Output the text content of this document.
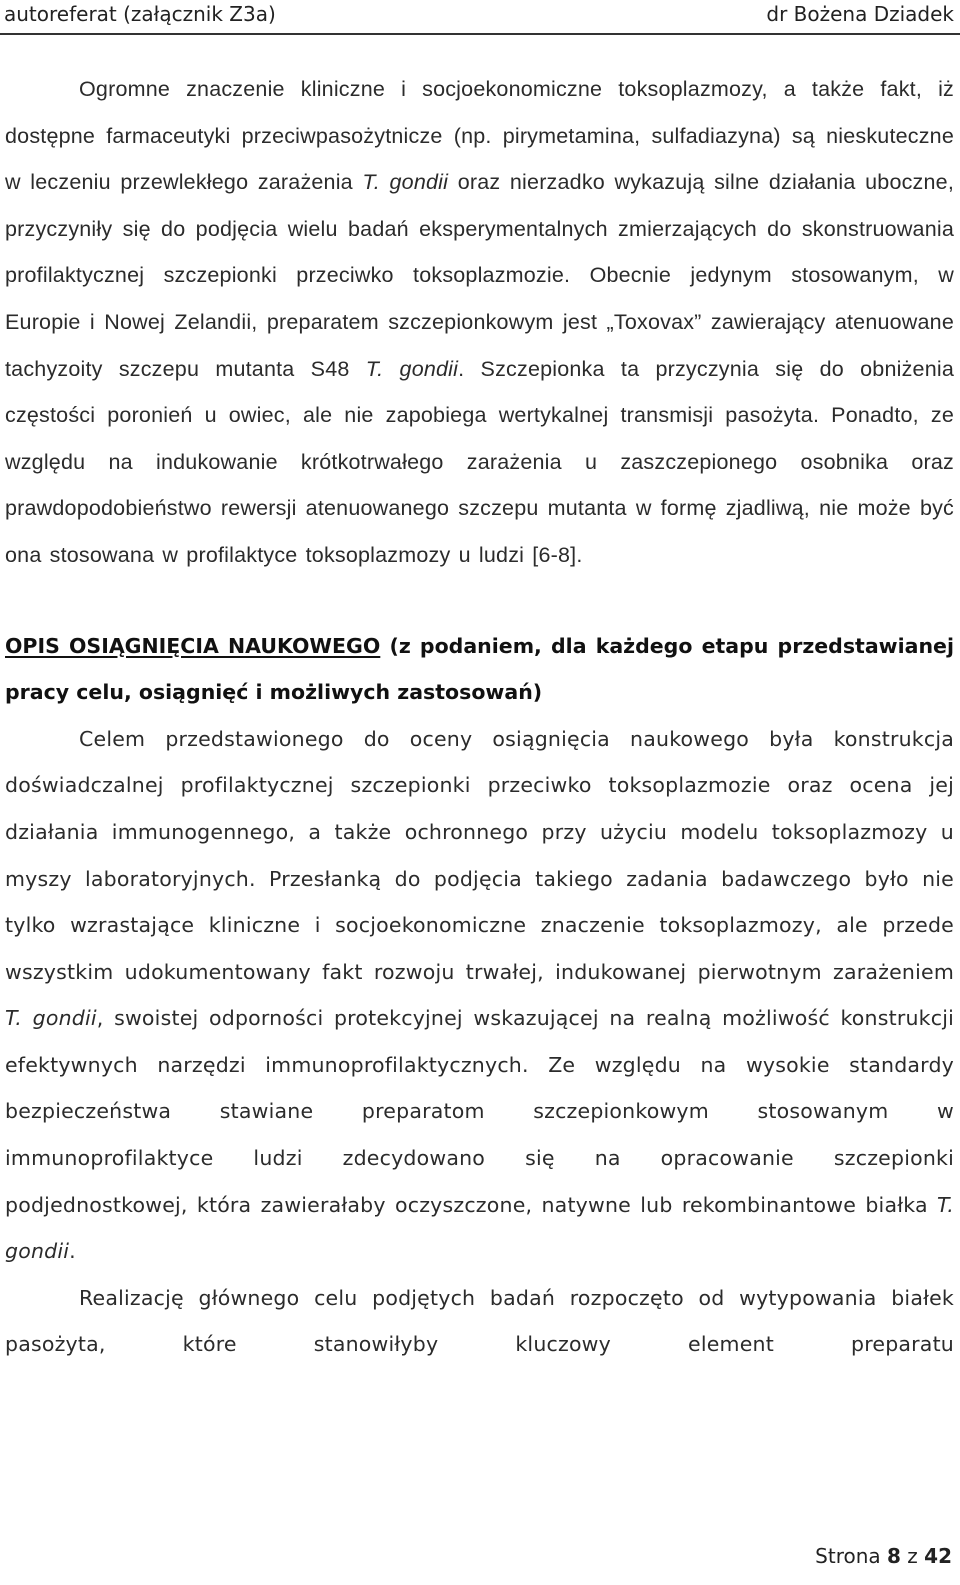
autoreferat (załącznik Z3a)	dr Bożena Dziadek

Ogromne znaczenie kliniczne i socjoekonomiczne toksoplazmozy, a także fakt, iż dostępne farmaceutyki przeciwpasożytnicze (np. pirymetamina, sulfadiazyna) są nieskuteczne w leczeniu przewlekłego zarażenia T. gondii oraz nierzadko wykazują silne działania uboczne, przyczyniły się do podjęcia wielu badań eksperymentalnych zmierzających do skonstruowania profilaktycznej szczepionki przeciwko toksoplazmozie. Obecnie jedynym stosowanym, w Europie i Nowej Zelandii, preparatem szczepionkowym jest „Toxovax” zawierający atenuowane tachyzoity szczepu mutanta S48 T. gondii. Szczepionka ta przyczynia się do obniżenia częstości poronień u owiec, ale nie zapobiega wertykalnej transmisji pasożyta. Ponadto, ze względu na indukowanie krótkotrwałego zarażenia u zaszczepionego osobnika oraz prawdopodobieństwo rewersji atenuowanego szczepu mutanta w formę zjadliwą, nie może być ona stosowana w profilaktyce toksoplazmozy u ludzi [6-8].

OPIS OSIĄGNIĘCIA NAUKOWEGO (z podaniem, dla każdego etapu przedstawianej pracy celu, osiągnięć i możliwych zastosowań)

Celem przedstawionego do oceny osiągnięcia naukowego była konstrukcja doświadczalnej profilaktycznej szczepionki przeciwko toksoplazmozie oraz ocena jej działania immunogennego, a także ochronnego przy użyciu modelu toksoplazmozy u myszy laboratoryjnych. Przesłanką do podjęcia takiego zadania badawczego było nie tylko wzrastające kliniczne i socjoekonomiczne znaczenie toksoplazmozy, ale przede wszystkim udokumentowany fakt rozwoju trwałej, indukowanej pierwotnym zarażeniem T. gondii, swoistej odporności protekcyjnej wskazującej na realną możliwość konstrukcji efektywnych narzędzi immunoprofilaktycznych. Ze względu na wysokie standardy bezpieczeństwa stawiane preparatom szczepionkowym stosowanym w immunoprofilaktyce ludzi zdecydowano się na opracowanie szczepionki podjednostkowej, która zawierałaby oczyszczone, natywne lub rekombinantowe białka T. gondii.

Realizację głównego celu podjętych badań rozpoczęto od wytypowania białek pasożyta, które stanowiłyby kluczowy element preparatu

Strona 8 z 42
